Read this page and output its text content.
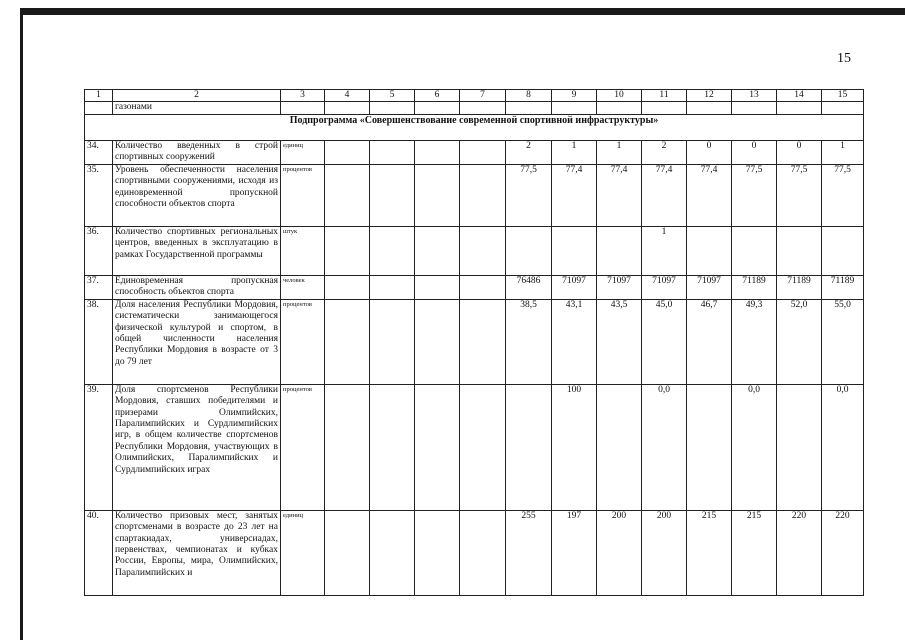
15
1	2	3	4	5	6	7	8	9	10	11	12	13	14	15
	газонами													
Подпрограмма «Совершенствование современной спортивной инфраструктуры»														
34.	Количество введенных в строй спортивных сооружений	единиц					2	1	1	2	0	0	0	1
35.	Уровень обеспеченности населения спортивными сооружениями, исходя из единовременной пропускной способности объектов спорта	процентов					77,5	77,4	77,4	77,4	77,4	77,5	77,5	77,5
36.	Количество спортивных региональных центров, введенных в эксплуатацию в рамках Государственной программы	штук								1				
37.	Единовременная пропускная способность объектов спорта	человек					76486	71097	71097	71097	71097	71189	71189	71189
38.	Доля населения Республики Мордовия, систематически занимающегося физической культурой и спортом, в общей численности населения Республики Мордовия в возрасте от 3 до 79 лет	процентов					38,5	43,1	43,5	45,0	46,7	49,3	52,0	55,0
39.	Доля спортсменов Республики Мордовия, ставших победителями и призерами Олимпийских, Паралимпийских и Сурдлимпийских игр, в общем количестве спортсменов Республики Мордовия, участвующих в Олимпийских, Паралимпийских и Сурдлимпийских играх	процентов						100		0,0		0,0		0,0
40.	Количество призовых мест, занятых спортсменами в возрасте до 23 лет на спартакиадах, универсиадах, первенствах, чемпионатах и кубках России, Европы, мира, Олимпийских, Паралимпийских и	единиц					255	197	200	200	215	215	220	220
